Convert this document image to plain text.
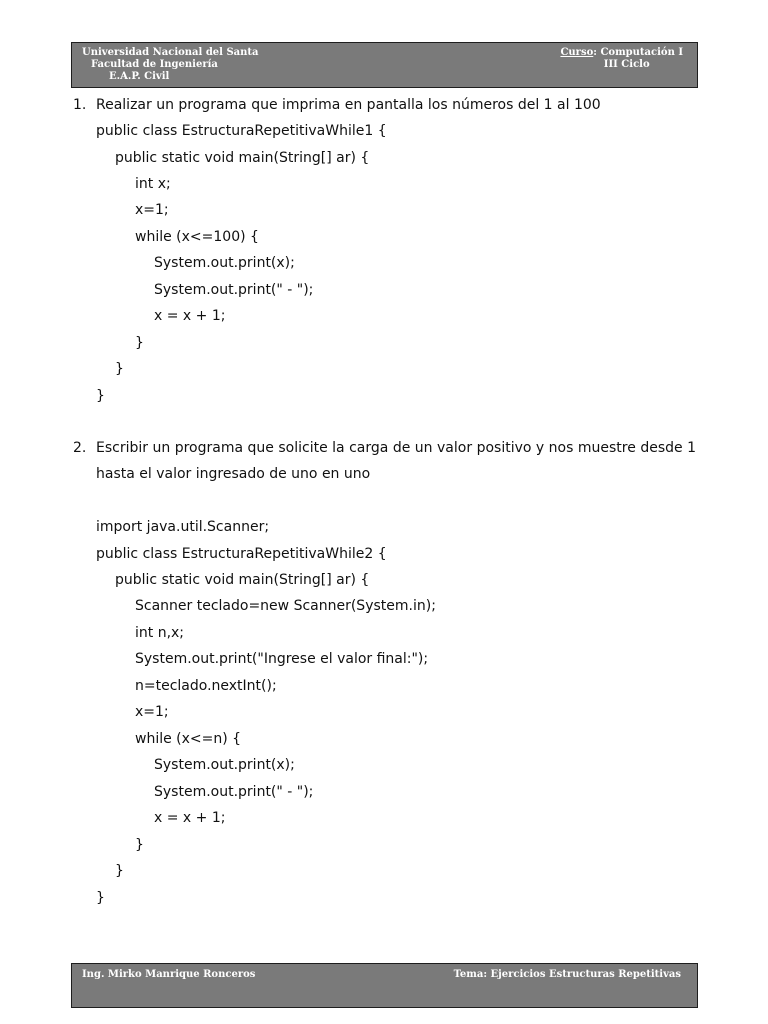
Universidad Nacional del Santa
Facultad de Ingeniería
E.A.P. Civil
Curso: Computación I
III Ciclo
1. Realizar un programa que imprima en pantalla los números del 1 al 100
public class EstructuraRepetitivaWhile1 {
public static void main(String[] ar) {
int x;
x=1;
while (x<=100) {
System.out.print(x);
System.out.print(" - ");
x = x + 1;
}
}
}
2. Escribir un programa que solicite la carga de un valor positivo y nos muestre desde 1
hasta el valor ingresado de uno en uno
import java.util.Scanner;
public class EstructuraRepetitivaWhile2 {
public static void main(String[] ar) {
Scanner teclado=new Scanner(System.in);
int n,x;
System.out.print("Ingrese el valor final:");
n=teclado.nextInt();
x=1;
while (x<=n) {
System.out.print(x);
System.out.print(" - ");
x = x + 1;
}
}
}
Ing. Mirko Manrique Ronceros	Tema: Ejercicios Estructuras Repetitivas
